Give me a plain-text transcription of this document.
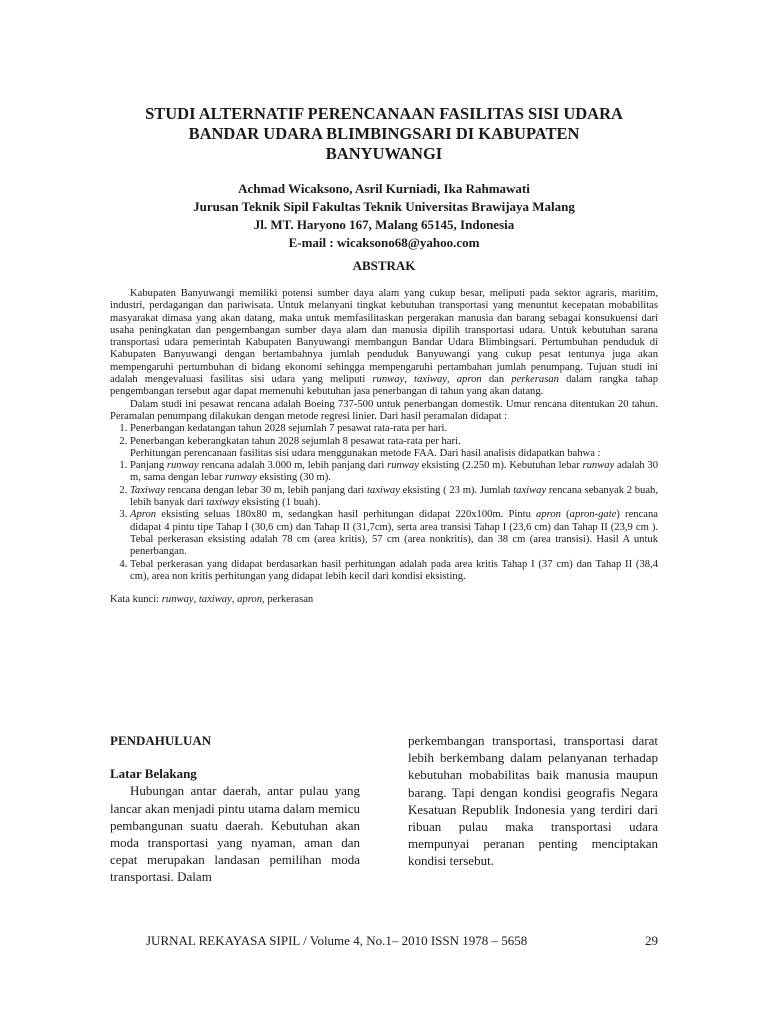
STUDI ALTERNATIF PERENCANAAN FASILITAS SISI UDARA
BANDAR UDARA BLIMBINGSARI DI KABUPATEN
BANYUWANGI
Achmad Wicaksono, Asril Kurniadi, Ika Rahmawati
Jurusan Teknik Sipil Fakultas Teknik Universitas Brawijaya Malang
Jl. MT. Haryono 167, Malang 65145, Indonesia
E-mail : wicaksono68@yahoo.com
ABSTRAK

Kabupaten Banyuwangi memiliki potensi sumber daya alam yang cukup besar, meliputi pada sektor agraris, maritim, industri, perdagangan dan pariwisata. Untuk melanyani tingkat kebutuhan transportasi yang menuntut kecepatan mobabilitas masyarakat dimasa yang akan datang, maka untuk memfasilitaskan pergerakan manusia dan barang sebagai konsukuensi dari usaha peningkatan dan pengembangan sumber daya alam dan manusia dipilih transportasi udara. Untuk kebutuhan sarana transportasi udara pemerintah Kabupaten Banyuwangi membangun Bandar Udara Blimbingsari. Pertumbuhan penduduk di Kabupaten Banyuwangi dengan bertambahnya jumlah penduduk Banyuwangi yang cukup pesat tentunya juga akan mempengaruhi pertumbuhan di bidang ekonomi sehingga mempengaruhi pertambahan jumlah penumpang. Tujuan studi ini adalah mengevaluasi fasilitas sisi udara yang meliputi runway, taxiway, apron dan perkerasan dalam rangka tahap pengembangan tersebut agar dapat memenuhi kebutuhan jasa penerbangan di tahun yang akan datang.

Dalam studi ini pesawat rencana adalah Boeing 737-500 untuk penerbangan domestik. Umur rencana ditentukan 20 tahun. Peramalan penumpang dilakukan dengan metode regresi linier. Dari hasil peramalan didapat :

1. Penerbangan kedatangan tahun 2028 sejumlah 7 pesawat rata-rata per hari.
2. Penerbangan keberangkatan tahun 2028 sejumlah 8 pesawat rata-rata per hari.

Perhitungan perencanaan fasilitas sisi udara menggunakan metode FAA. Dari hasil analisis didapatkan bahwa :

1. Panjang runway rencana adalah 3.000 m, lebih panjang dari runway eksisting (2.250 m). Kebutuhan lebar runway adalah 30 m, sama dengan lebar runway eksisting (30 m).
2. Taxiway rencana dengan lebar 30 m, lebih panjang dari taxiway eksisting ( 23 m). Jumlah taxiway rencana sebanyak 2 buah, lebih banyak dari taxiway eksisting (1 buah).
3. Apron eksisting seluas 180x80 m, sedangkan hasil perhitungan didapat 220x100m. Pintu apron (apron-gate) rencana didapat 4 pintu tipe Tahap I (30,6 cm) dan Tahap II (31,7cm), serta area transisi Tahap I (23,6 cm) dan Tahap II (23,9 cm ). Tebal perkerasan eksisting adalah 78 cm (area kritis), 57 cm (area nonkritis), dan 38 cm (area transisi). Hasil A untuk penerbangan.
4. Tebal perkerasan yang didapat berdasarkan hasil perhitungan adalah pada area kritis Tahap I (37 cm) dan Tahap II (38,4 cm), area non kritis perhitungan yang didapat lebih kecil dari kondisi eksisting.
Kata kunci: runway, taxiway, apron, perkerasan
PENDAHULUAN
Latar Belakang

Hubungan antar daerah, antar pulau yang lancar akan menjadi pintu utama dalam memicu pembangunan suatu daerah. Kebutuhan akan moda transportasi yang nyaman, aman dan cepat merupakan landasan pemilihan moda transportasi. Dalam

perkembangan transportasi, transportasi darat lebih berkembang dalam pelanyanan terhadap kebutuhan mobabilitas baik manusia maupun barang. Tapi dengan kondisi geografis Negara Kesatuan Republik Indonesia yang terdiri dari ribuan pulau maka transportasi udara mempunyai peranan penting menciptakan kondisi tersebut.

JURNAL REKAYASA SIPIL / Volume 4, No.1– 2010 ISSN 1978 – 5658	29
